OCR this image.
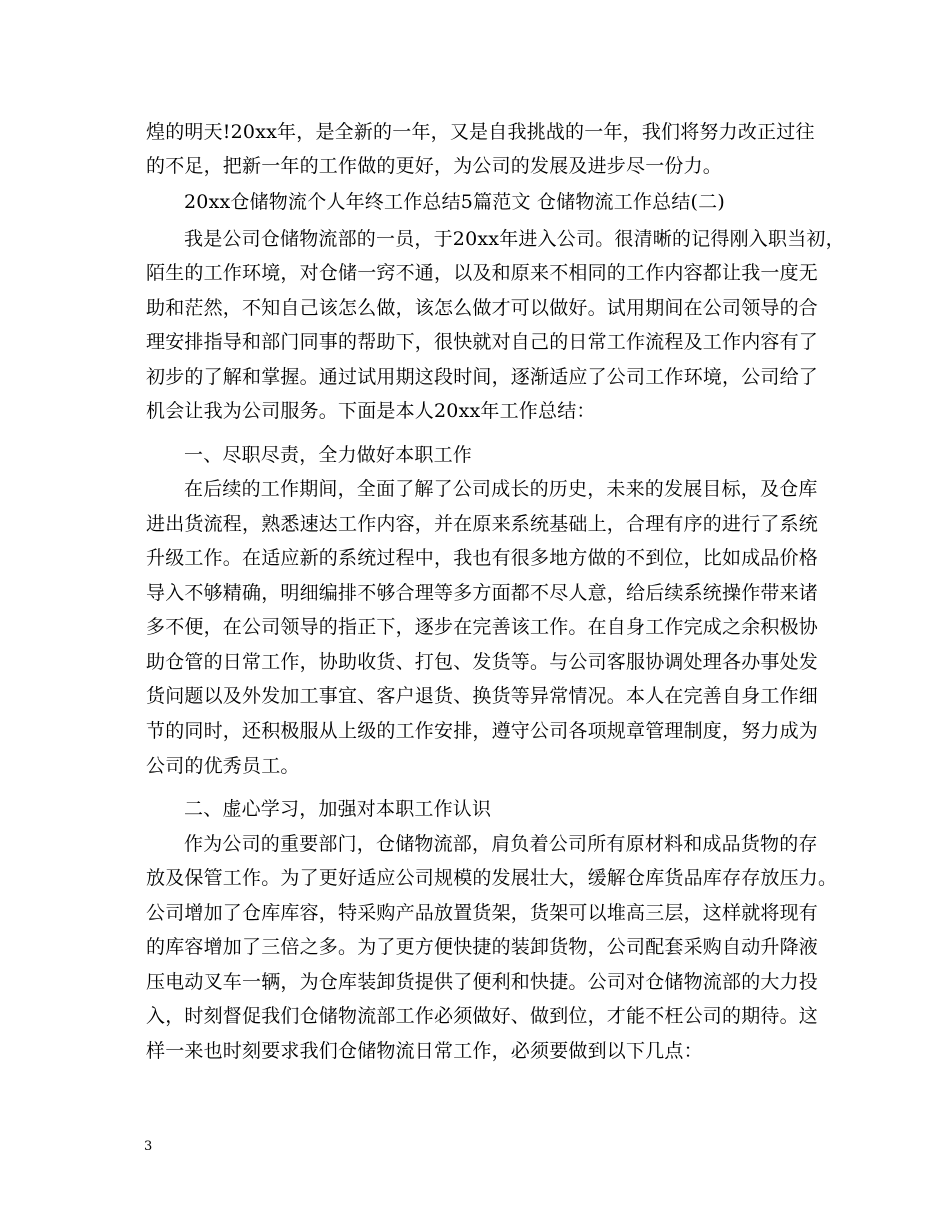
煌的明天!20xx年，是全新的一年，又是自我挑战的一年，我们将努力改正过往
的不足，把新一年的工作做的更好，为公司的发展及进步尽一份力。
20xx仓储物流个人年终工作总结5篇范文 仓储物流工作总结(二)
我是公司仓储物流部的一员，于20xx年进入公司。很清晰的记得刚入职当初，
陌生的工作环境，对仓储一窍不通，以及和原来不相同的工作内容都让我一度无
助和茫然，不知自己该怎么做，该怎么做才可以做好。试用期间在公司领导的合
理安排指导和部门同事的帮助下，很快就对自己的日常工作流程及工作内容有了
初步的了解和掌握。通过试用期这段时间，逐渐适应了公司工作环境，公司给了
机会让我为公司服务。下面是本人20xx年工作总结：
一、尽职尽责，全力做好本职工作
在后续的工作期间，全面了解了公司成长的历史，未来的发展目标，及仓库
进出货流程，熟悉速达工作内容，并在原来系统基础上，合理有序的进行了系统
升级工作。在适应新的系统过程中，我也有很多地方做的不到位，比如成品价格
导入不够精确，明细编排不够合理等多方面都不尽人意，给后续系统操作带来诸
多不便，在公司领导的指正下，逐步在完善该工作。在自身工作完成之余积极协
助仓管的日常工作，协助收货、打包、发货等。与公司客服协调处理各办事处发
货问题以及外发加工事宜、客户退货、换货等异常情况。本人在完善自身工作细
节的同时，还积极服从上级的工作安排，遵守公司各项规章管理制度，努力成为
公司的优秀员工。
二、虚心学习，加强对本职工作认识
作为公司的重要部门，仓储物流部，肩负着公司所有原材料和成品货物的存
放及保管工作。为了更好适应公司规模的发展壮大，缓解仓库货品库存存放压力。
公司增加了仓库库容，特采购产品放置货架，货架可以堆高三层，这样就将现有
的库容增加了三倍之多。为了更方便快捷的装卸货物，公司配套采购自动升降液
压电动叉车一辆，为仓库装卸货提供了便利和快捷。公司对仓储物流部的大力投
入，时刻督促我们仓储物流部工作必须做好、做到位，才能不枉公司的期待。这
样一来也时刻要求我们仓储物流日常工作，必须要做到以下几点：
3
